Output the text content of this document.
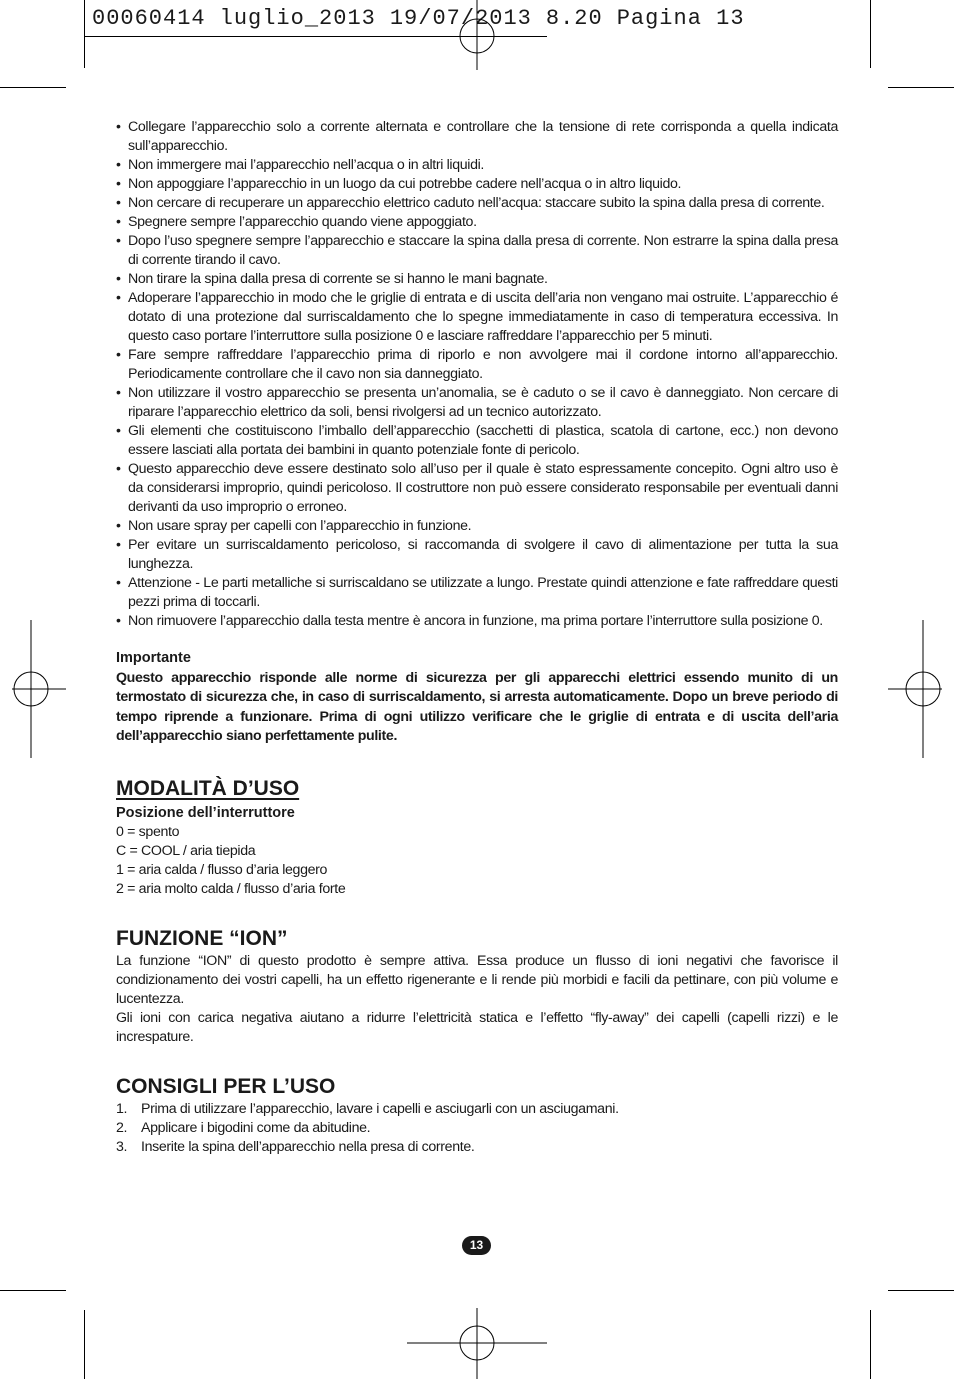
00060414 luglio_2013 19/07/2013 8.20 Pagina 13
• Collegare l’apparecchio solo a corrente alternata e controllare che la tensione di rete corrisponda a quella indicata sull’apparecchio.
• Non immergere mai l’apparecchio nell’acqua o in altri liquidi.
• Non appoggiare l’apparecchio in un luogo da cui potrebbe cadere nell’acqua o in altro liquido.
• Non cercare di recuperare un apparecchio elettrico caduto nell’acqua: staccare subito la spina dalla presa di corrente.
• Spegnere sempre l’apparecchio quando viene appoggiato.
• Dopo l’uso spegnere sempre l’apparecchio e staccare la spina dalla presa di corrente. Non estrarre la spina dalla presa di corrente tirando il cavo.
• Non tirare la spina dalla presa di corrente se si hanno le mani bagnate.
• Adoperare l’apparecchio in modo che le griglie di entrata e di uscita dell’aria non vengano mai ostruite. L’apparecchio é dotato di una protezione dal surriscaldamento che lo spegne immediatamente in caso di temperatura eccessiva. In questo caso portare l’interruttore sulla posizione 0 e lasciare raffreddare l’apparecchio per 5 minuti.
• Fare sempre raffreddare l’apparecchio prima di riporlo e non avvolgere mai il cordone intorno all’apparecchio. Periodicamente controllare che il cavo non sia danneggiato.
• Non utilizzare il vostro apparecchio se presenta un’anomalia, se è caduto o se il cavo è danneggiato. Non cercare di riparare l’apparecchio elettrico da soli, bensi rivolgersi ad un tecnico autorizzato.
• Gli elementi che costituiscono l’imballo dell’apparecchio (sacchetti di plastica, scatola di cartone, ecc.) non devono essere lasciati alla portata dei bambini in quanto potenziale fonte di pericolo.
• Questo apparecchio deve essere destinato solo all’uso per il quale è stato espressamente concepito. Ogni altro uso è da considerarsi improprio, quindi pericoloso. Il costruttore non può essere considerato responsabile per eventuali danni derivanti da uso improprio o erroneo.
• Non usare spray per capelli con l’apparecchio in funzione.
• Per evitare un surriscaldamento pericoloso, si raccomanda di svolgere il cavo di alimentazione per tutta la sua lunghezza.
• Attenzione - Le parti metalliche si surriscaldano se utilizzate a lungo. Prestate quindi attenzione e fate raffreddare questi pezzi prima di toccarli.
• Non rimuovere l’apparecchio dalla testa mentre è ancora in funzione, ma prima portare l’interruttore sulla posizione 0.
Importante
Questo apparecchio risponde alle norme di sicurezza per gli apparecchi elettrici essendo munito di un termostato di sicurezza che, in caso di surriscaldamento, si arresta automaticamente. Dopo un breve periodo di tempo riprende a funzionare. Prima di ogni utilizzo verificare che le griglie di entrata e di uscita dell’aria dell’apparecchio siano perfettamente pulite.
MODALITÀ D’USO
Posizione dell’interruttore
0 = spento
C = COOL / aria tiepida
1 = aria calda / flusso d’aria leggero
2 = aria molto calda / flusso d’aria forte
FUNZIONE “ION”

La funzione “ION” di questo prodotto è sempre attiva. Essa produce un flusso di ioni negativi che favorisce il condizionamento dei vostri capelli, ha un effetto rigenerante e li rende più morbidi e facili da pettinare, con più volume e lucentezza.

Gli ioni con carica negativa aiutano a ridurre l’elettricità statica e l’effetto “fly-away” dei capelli (capelli rizzi) e le increspature.

CONSIGLI PER L’USO
1. Prima di utilizzare l’apparecchio, lavare i capelli e asciugarli con un asciugamani.
2. Applicare i bigodini come da abitudine.
3. Inserite la spina dell’apparecchio nella presa di corrente.
13
